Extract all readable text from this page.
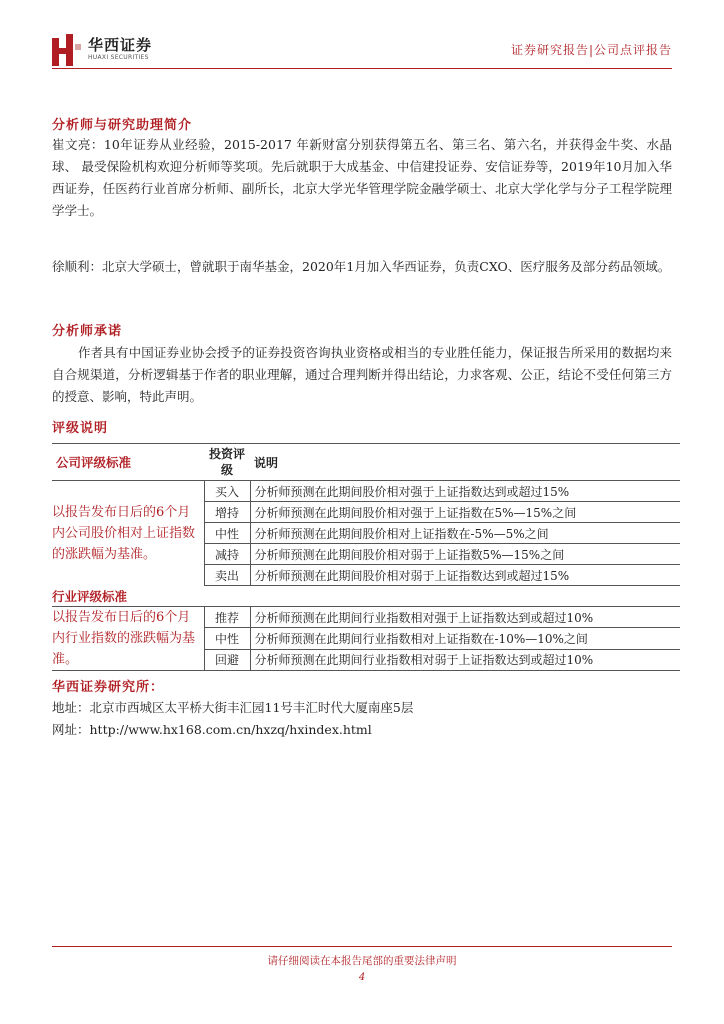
华西证券
HUAXI SECURITIES
证券研究报告|公司点评报告
分析师与研究助理简介
崔文亮：10年证券从业经验，2015-2017 年新财富分别获得第五名、第三名、第六名，并获得金牛奖、水晶球、 最受保险机构欢迎分析师等奖项。先后就职于大成基金、中信建投证券、安信证券等，2019年10月加入华西证券，任医药行业首席分析师、副所长，北京大学光华管理学院金融学硕士、北京大学化学与分子工程学院理学学士。
徐顺利：北京大学硕士，曾就职于南华基金，2020年1月加入华西证券，负责CXO、医疗服务及部分药品领域。
分析师承诺
作者具有中国证券业协会授予的证券投资咨询执业资格或相当的专业胜任能力，保证报告所采用的数据均来自合规渠道，分析逻辑基于作者的职业理解，通过合理判断并得出结论，力求客观、公正，结论不受任何第三方的授意、影响，特此声明。
评级说明
公司评级标准	投资评级	说明
以报告发布日后的6个月内公司股价相对上证指数的涨跌幅为基准。	买入	分析师预测在此期间股价相对强于上证指数达到或超过15%
	增持	分析师预测在此期间股价相对强于上证指数在5%—15%之间
	中性	分析师预测在此期间股价相对上证指数在-5%—5%之间
	减持	分析师预测在此期间股价相对弱于上证指数5%—15%之间
	卖出	分析师预测在此期间股价相对弱于上证指数达到或超过15%
行业评级标准		
以报告发布日后的6个月内行业指数的涨跌幅为基准。	推荐	分析师预测在此期间行业指数相对强于上证指数达到或超过10%
	中性	分析师预测在此期间行业指数相对上证指数在-10%—10%之间
	回避	分析师预测在此期间行业指数相对弱于上证指数达到或超过10%
华西证券研究所：
地址：北京市西城区太平桥大街丰汇园11号丰汇时代大厦南座5层
网址：http://www.hx168.com.cn/hxzq/hxindex.html
请仔细阅读在本报告尾部的重要法律声明
4
